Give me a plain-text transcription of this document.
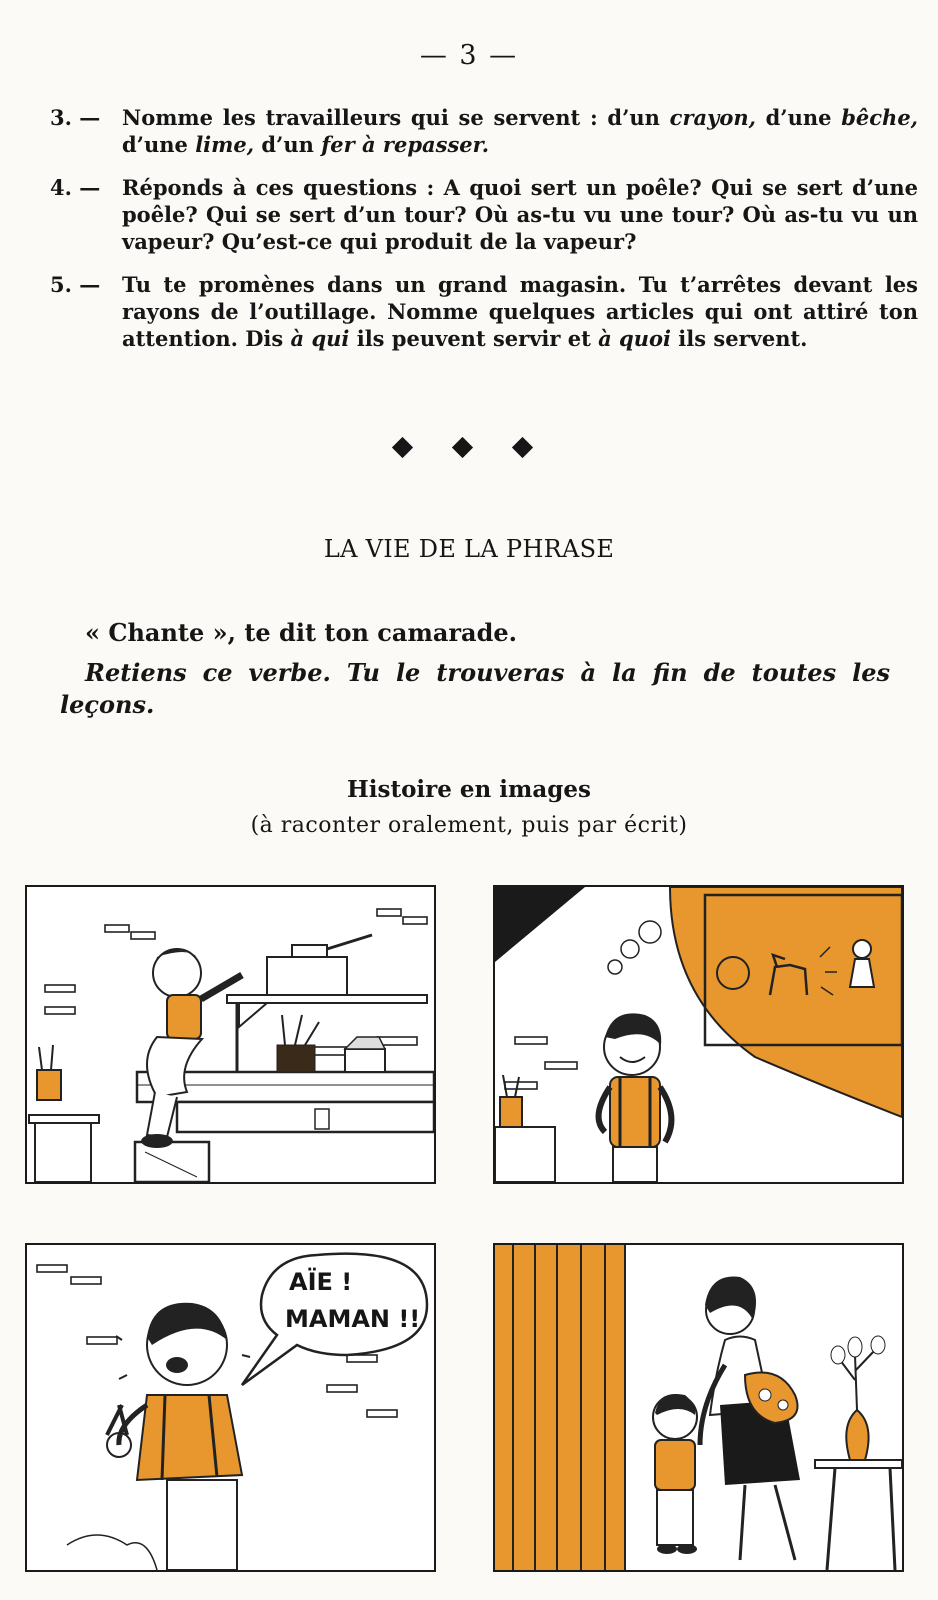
— 3 —
3. —	Nomme les travailleurs qui se servent : d’un crayon, d’une bêche, d’une lime, d’un fer à repasser.
4. —	Réponds à ces questions : A quoi sert un poêle? Qui se sert d’une poêle? Qui se sert d’un tour? Où as-tu vu une tour? Où as-tu vu un vapeur? Qu’est-ce qui produit de la vapeur?
5. —	Tu te promènes dans un grand magasin. Tu t’arrêtes devant les rayons de l’outillage. Nomme quelques articles qui ont attiré ton attention. Dis à qui ils peuvent servir et à quoi ils servent.
LA VIE DE LA PHRASE
« Chante », te dit ton camarade.
Retiens ce verbe. Tu le trouveras à la fin de toutes les leçons.
Histoire en images
(à raconter oralement, puis par écrit)
AÏE !
MAMAN !!
